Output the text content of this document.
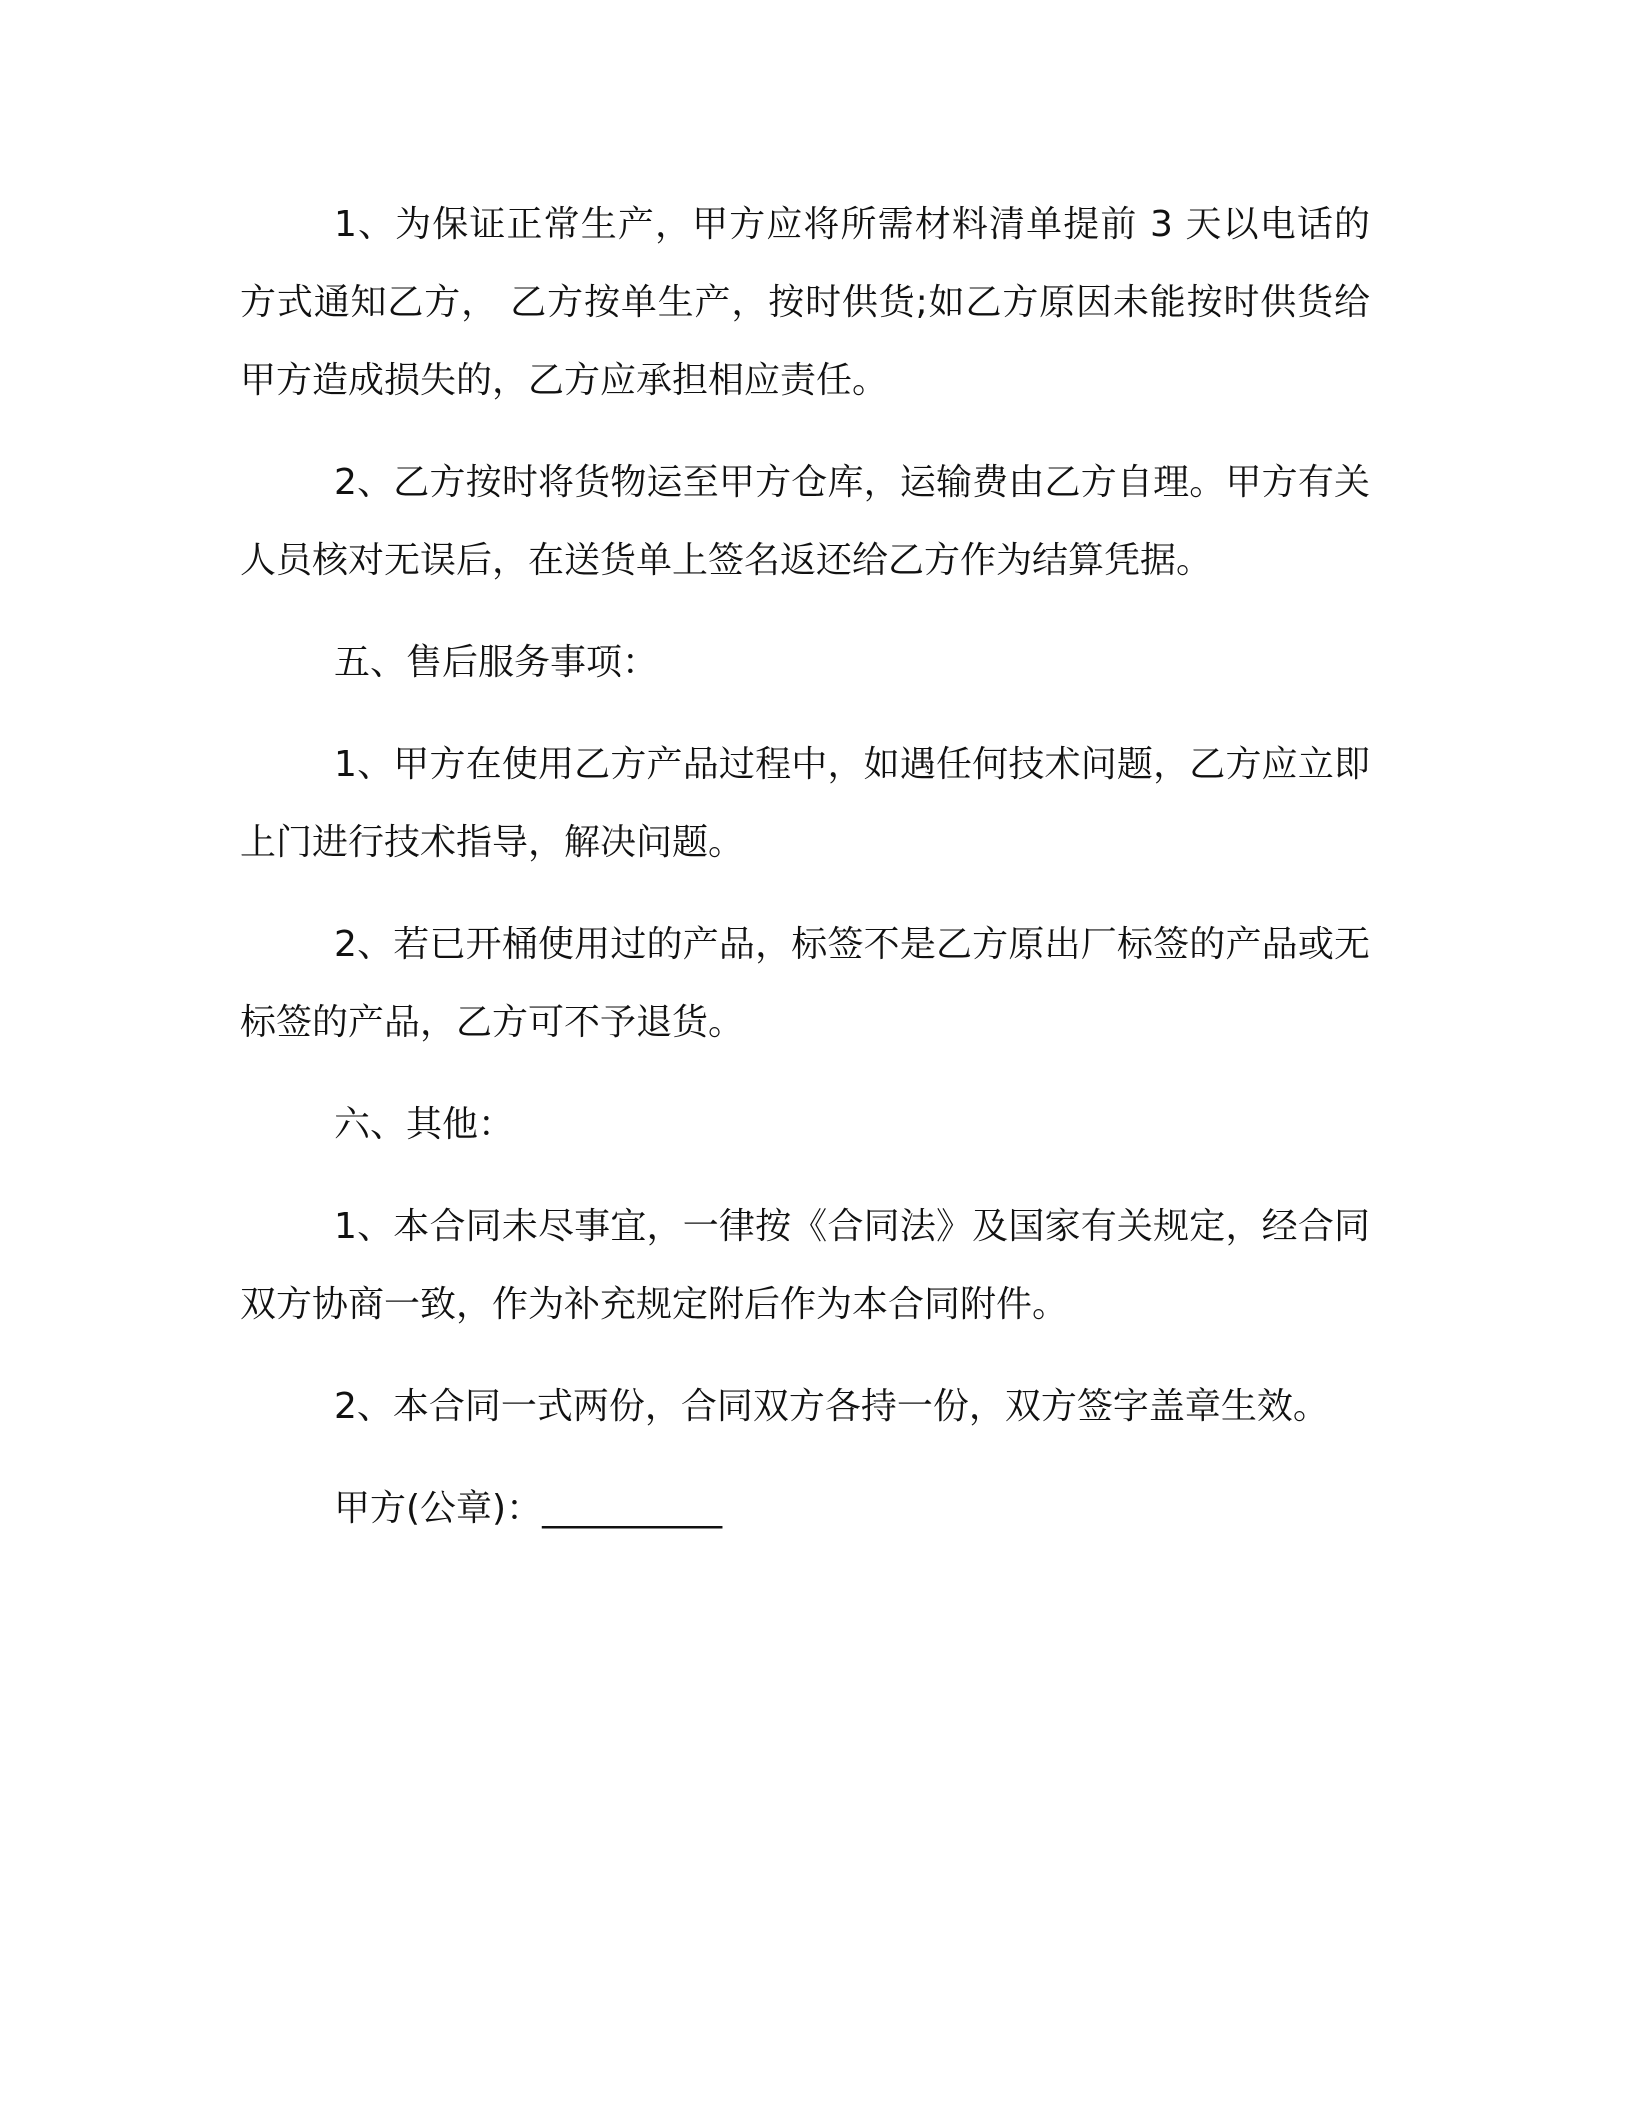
1、为保证正常生产，甲方应将所需材料清单提前 3 天以电话的方式通知乙方， 乙方按单生产，按时供货;如乙方原因未能按时供货给甲方造成损失的，乙方应承担相应责任。

2、乙方按时将货物运至甲方仓库，运输费由乙方自理。甲方有关人员核对无误后，在送货单上签名返还给乙方作为结算凭据。

五、售后服务事项：

1、甲方在使用乙方产品过程中，如遇任何技术问题，乙方应立即上门进行技术指导，解决问题。

2、若已开桶使用过的产品，标签不是乙方原出厂标签的产品或无标签的产品，乙方可不予退货。

六、其他：

1、本合同未尽事宜，一律按《合同法》及国家有关规定，经合同双方协商一致，作为补充规定附后作为本合同附件。

2、本合同一式两份，合同双方各持一份，双方签字盖章生效。

甲方(公章)：__________
